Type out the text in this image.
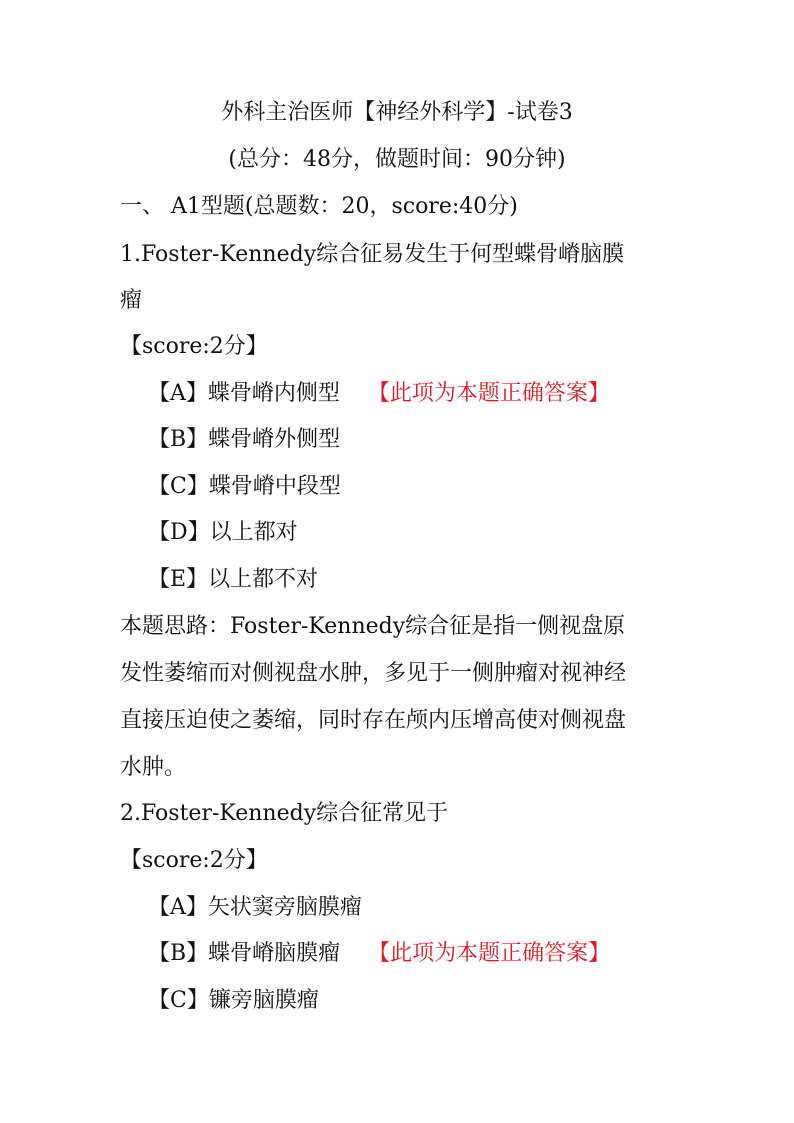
外科主治医师【神经外科学】-试卷3
(总分：48分，做题时间：90分钟)
一、 A1型题(总题数：20，score:40分)
1.Foster-Kennedy综合征易发生于何型蝶骨嵴脑膜
瘤
【score:2分】
【A】蝶骨嵴内侧型 【此项为本题正确答案】
【B】蝶骨嵴外侧型
【C】蝶骨嵴中段型
【D】以上都对
【E】以上都不对
本题思路：Foster-Kennedy综合征是指一侧视盘原
发性萎缩而对侧视盘水肿，多见于一侧肿瘤对视神经
直接压迫使之萎缩，同时存在颅内压增高使对侧视盘
水肿。
2.Foster-Kennedy综合征常见于
【score:2分】
【A】矢状窦旁脑膜瘤
【B】蝶骨嵴脑膜瘤 【此项为本题正确答案】
【C】镰旁脑膜瘤
